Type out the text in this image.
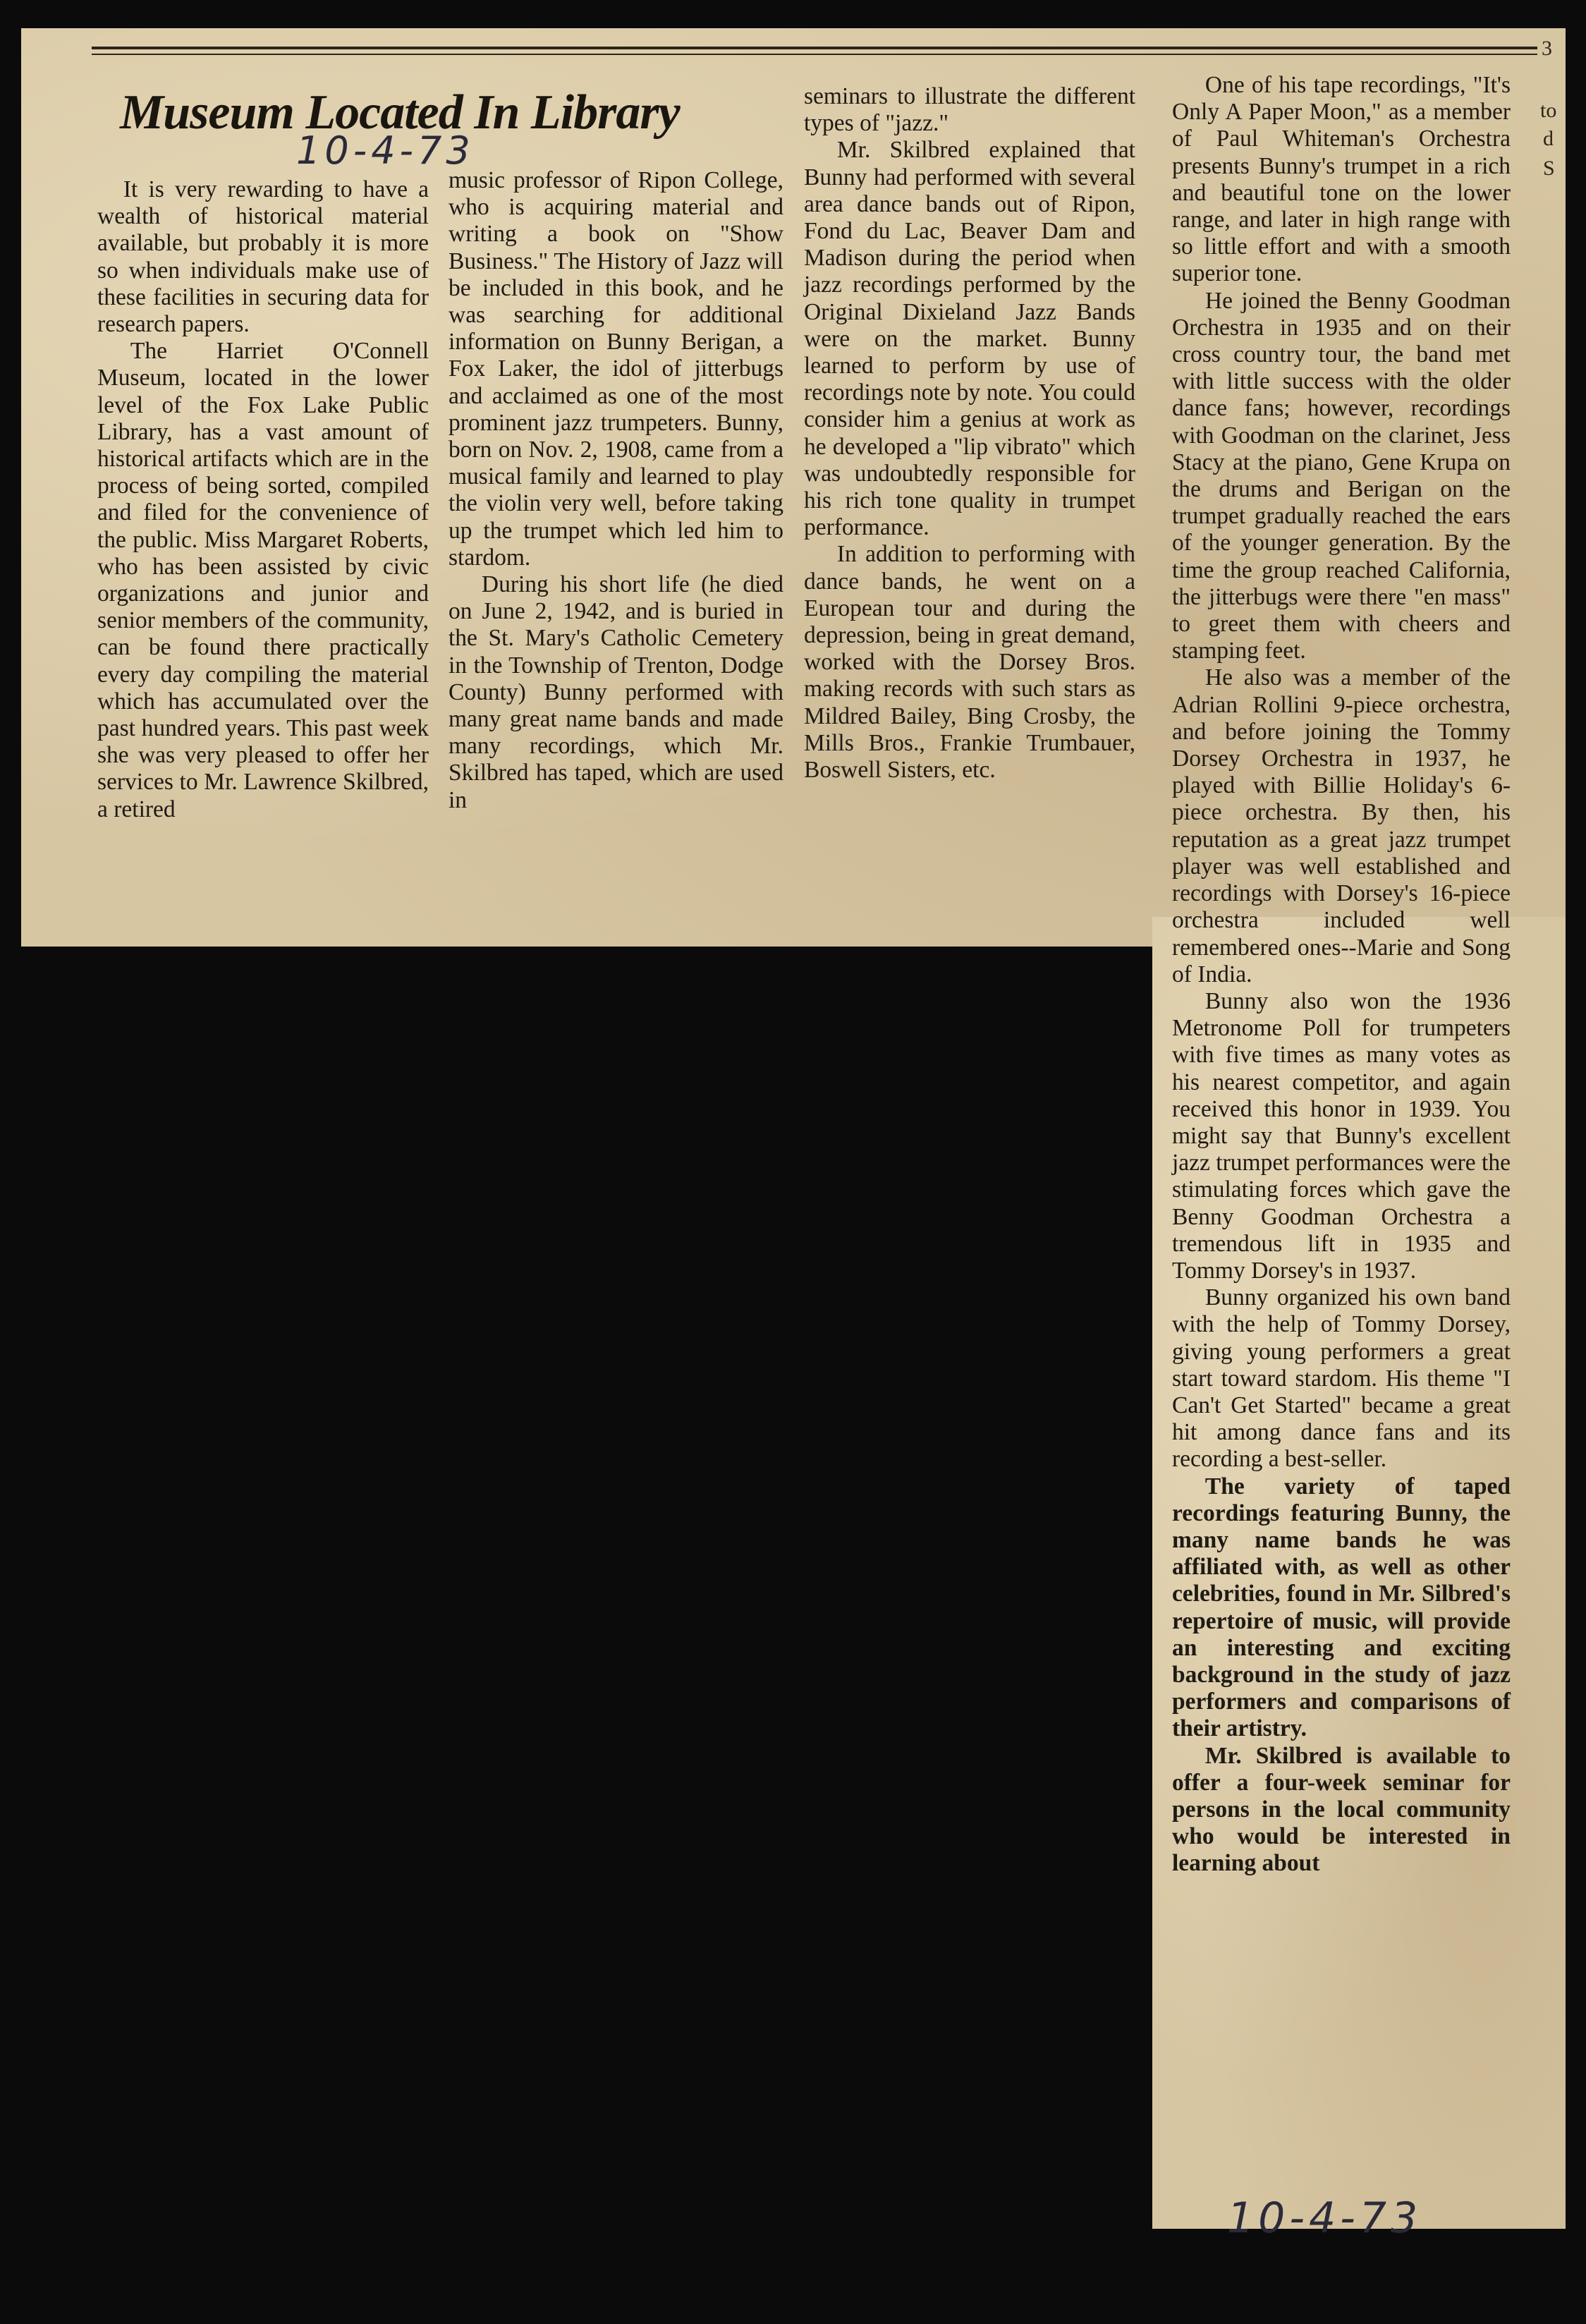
Museum Located In Library
10-4-73

It is very rewarding to have a wealth of historical material available, but probably it is more so when individuals make use of these facilities in securing data for research papers.

The Harriet O'Connell Museum, located in the lower level of the Fox Lake Public Library, has a vast amount of historical artifacts which are in the process of being sorted, compiled and filed for the convenience of the public. Miss Margaret Roberts, who has been assisted by civic organizations and junior and senior members of the community, can be found there practically every day compiling the material which has accumulated over the past hundred years. This past week she was very pleased to offer her services to Mr. Lawrence Skilbred, a retired

music professor of Ripon College, who is acquiring material and writing a book on "Show Business." The History of Jazz will be included in this book, and he was searching for additional information on Bunny Berigan, a Fox Laker, the idol of jitterbugs and acclaimed as one of the most prominent jazz trumpeters. Bunny, born on Nov. 2, 1908, came from a musical family and learned to play the violin very well, before taking up the trumpet which led him to stardom.

During his short life (he died on June 2, 1942, and is buried in the St. Mary's Catholic Cemetery in the Township of Trenton, Dodge County) Bunny performed with many great name bands and made many recordings, which Mr. Skilbred has taped, which are used in

seminars to illustrate the different types of "jazz."

Mr. Skilbred explained that Bunny had performed with several area dance bands out of Ripon, Fond du Lac, Beaver Dam and Madison during the period when jazz recordings performed by the Original Dixieland Jazz Bands were on the market. Bunny learned to perform by use of recordings note by note. You could consider him a genius at work as he developed a "lip vibrato" which was undoubtedly responsible for his rich tone quality in trumpet performance.

In addition to performing with dance bands, he went on a European tour and during the depression, being in great demand, worked with the Dorsey Bros. making records with such stars as Mildred Bailey, Bing Crosby, the Mills Bros., Frankie Trumbauer, Boswell Sisters, etc.

One of his tape recordings, "It's Only A Paper Moon," as a member of Paul Whiteman's Orchestra presents Bunny's trumpet in a rich and beautiful tone on the lower range, and later in high range with so little effort and with a smooth superior tone.

He joined the Benny Goodman Orchestra in 1935 and on their cross country tour, the band met with little success with the older dance fans; however, recordings with Goodman on the clarinet, Jess Stacy at the piano, Gene Krupa on the drums and Berigan on the trumpet gradually reached the ears of the younger generation. By the time the group reached California, the jitterbugs were there "en mass" to greet them with cheers and stamping feet.

He also was a member of the Adrian Rollini 9-piece orchestra, and before joining the Tommy Dorsey Orchestra in 1937, he played with Billie Holiday's 6-piece orchestra. By then, his reputation as a great jazz trumpet player was well established and recordings with Dorsey's 16-piece orchestra included well remembered ones--Marie and Song of India.

Bunny also won the 1936 Metronome Poll for trumpeters with five times as many votes as his nearest competitor, and again received this honor in 1939. You might say that Bunny's excellent jazz trumpet performances were the stimulating forces which gave the Benny Goodman Orchestra a tremendous lift in 1935 and Tommy Dorsey's in 1937.

Bunny organized his own band with the help of Tommy Dorsey, giving young performers a great start toward stardom. His theme "I Can't Get Started" became a great hit among dance fans and its recording a best-seller.

The variety of taped recordings featuring Bunny, the many name bands he was affiliated with, as well as other celebrities, found in Mr. Silbred's repertoire of music, will provide an interesting and exciting background in the study of jazz performers and comparisons of their artistry.

Mr. Skilbred is available to offer a four-week seminar for persons in the local community who would be interested in learning about

10-4-73
3
to
d
S
